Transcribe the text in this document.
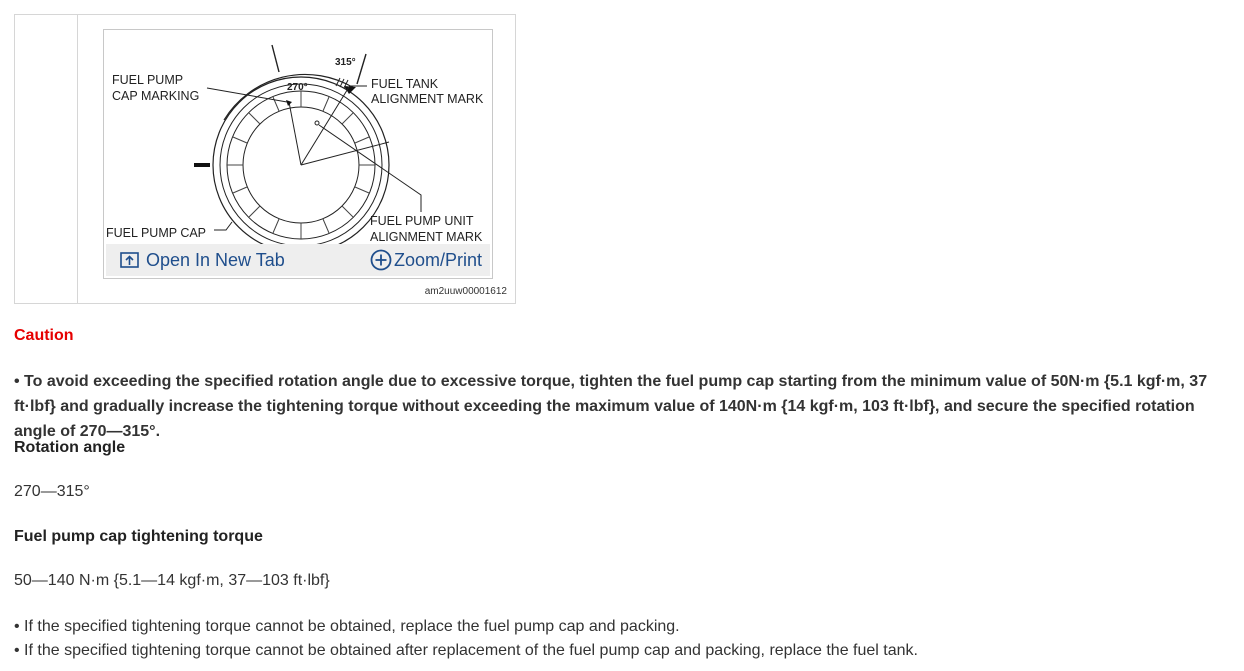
FUEL PUMP
CAP MARKING
FUEL TANK
ALIGNMENT MARK
FUEL PUMP CAP
FUEL PUMP UNIT
ALIGNMENT MARK
270°
315°
Open In New Tab	Zoom/Print
am2uuw00001612
Caution
• To avoid exceeding the specified rotation angle due to excessive torque, tighten the fuel pump cap starting from the minimum value of 50N·m {5.1 kgf·m, 37 ft·lbf} and gradually increase the tightening torque without exceeding the maximum value of 140N·m {14 kgf·m, 103 ft·lbf}, and secure the specified rotation angle of 270—315°.
Rotation angle
270—315°
Fuel pump cap tightening torque
50—140 N·m {5.1—14 kgf·m, 37—103 ft·lbf}
• If the specified tightening torque cannot be obtained, replace the fuel pump cap and packing.
• If the specified tightening torque cannot be obtained after replacement of the fuel pump cap and packing, replace the fuel tank.
